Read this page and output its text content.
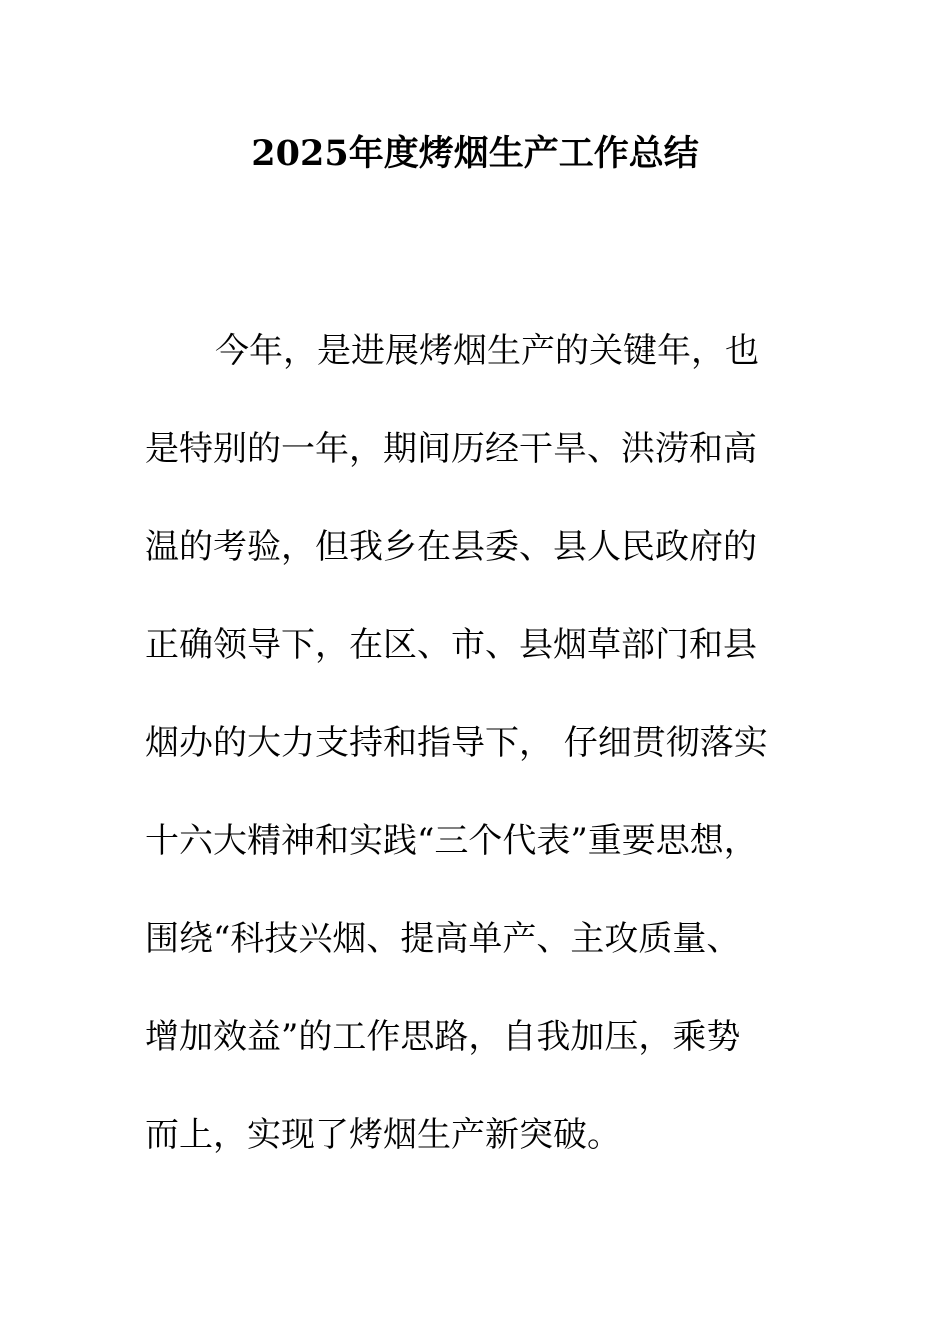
2025年度烤烟生产工作总结
今年，是进展烤烟生产的关键年，也
是特别的一年，期间历经干旱、洪涝和高
温的考验，但我乡在县委、县人民政府的
正确领导下，在区、市、县烟草部门和县
烟办的大力支持和指导下， 仔细贯彻落实
十六大精神和实践“三个代表”重要思想，
围绕“科技兴烟、提高单产、主攻质量、
增加效益”的工作思路，自我加压，乘势
而上，实现了烤烟生产新突破。
